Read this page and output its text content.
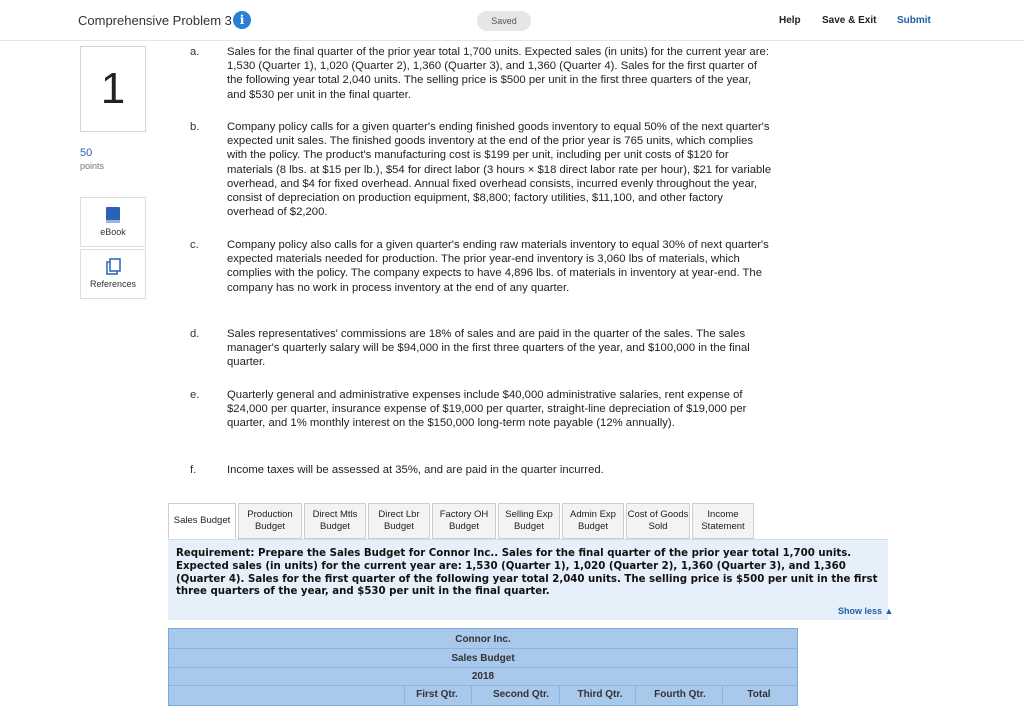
Comprehensive Problem 3 i	Saved	Help Save & Exit Submit
1
50
points
eBook
References
a.	Sales for the final quarter of the prior year total 1,700 units. Expected sales (in units) for the current year are: 1,530 (Quarter 1), 1,020 (Quarter 2), 1,360 (Quarter 3), and 1,360 (Quarter 4). Sales for the first quarter of the following year total 2,040 units. The selling price is $500 per unit in the first three quarters of the year, and $530 per unit in the final quarter.
b.	Company policy calls for a given quarter's ending finished goods inventory to equal 50% of the next quarter's expected unit sales. The finished goods inventory at the end of the prior year is 765 units, which complies with the policy. The product's manufacturing cost is $199 per unit, including per unit costs of $120 for materials (8 lbs. at $15 per lb.), $54 for direct labor (3 hours × $18 direct labor rate per hour), $21 for variable overhead, and $4 for fixed overhead. Annual fixed overhead consists, incurred evenly throughout the year, consist of depreciation on production equipment, $8,800; factory utilities, $11,100, and other factory overhead of $2,200.
c.	Company policy also calls for a given quarter's ending raw materials inventory to equal 30% of next quarter's expected materials needed for production. The prior year-end inventory is 3,060 lbs of materials, which complies with the policy. The company expects to have 4,896 lbs. of materials in inventory at year-end. The company has no work in process inventory at the end of any quarter.
d.	Sales representatives' commissions are 18% of sales and are paid in the quarter of the sales. The sales manager's quarterly salary will be $94,000 in the first three quarters of the year, and $100,000 in the final quarter.
e.	Quarterly general and administrative expenses include $40,000 administrative salaries, rent expense of $24,000 per quarter, insurance expense of $19,000 per quarter, straight-line depreciation of $19,000 per quarter, and 1% monthly interest on the $150,000 long-term note payable (12% annually).
f.	Income taxes will be assessed at 35%, and are paid in the quarter incurred.
Sales Budget
Production Budget
Direct Mtls Budget
Direct Lbr Budget
Factory OH Budget
Selling Exp Budget
Admin Exp Budget
Cost of Goods Sold
Income Statement
Requirement: Prepare the Sales Budget for Connor Inc.. Sales for the final quarter of the prior year total 1,700 units. Expected sales (in units) for the current year are: 1,530 (Quarter 1), 1,020 (Quarter 2), 1,360 (Quarter 3), and 1,360 (Quarter 4). Sales for the first quarter of the following year total 2,040 units. The selling price is $500 per unit in the first three quarters of the year, and $530 per unit in the final quarter.
Show less ▲
Connor Inc.
Sales Budget
2018
First Qtr.	Second Qtr.	Third Qtr.	Fourth Qtr.	Total
